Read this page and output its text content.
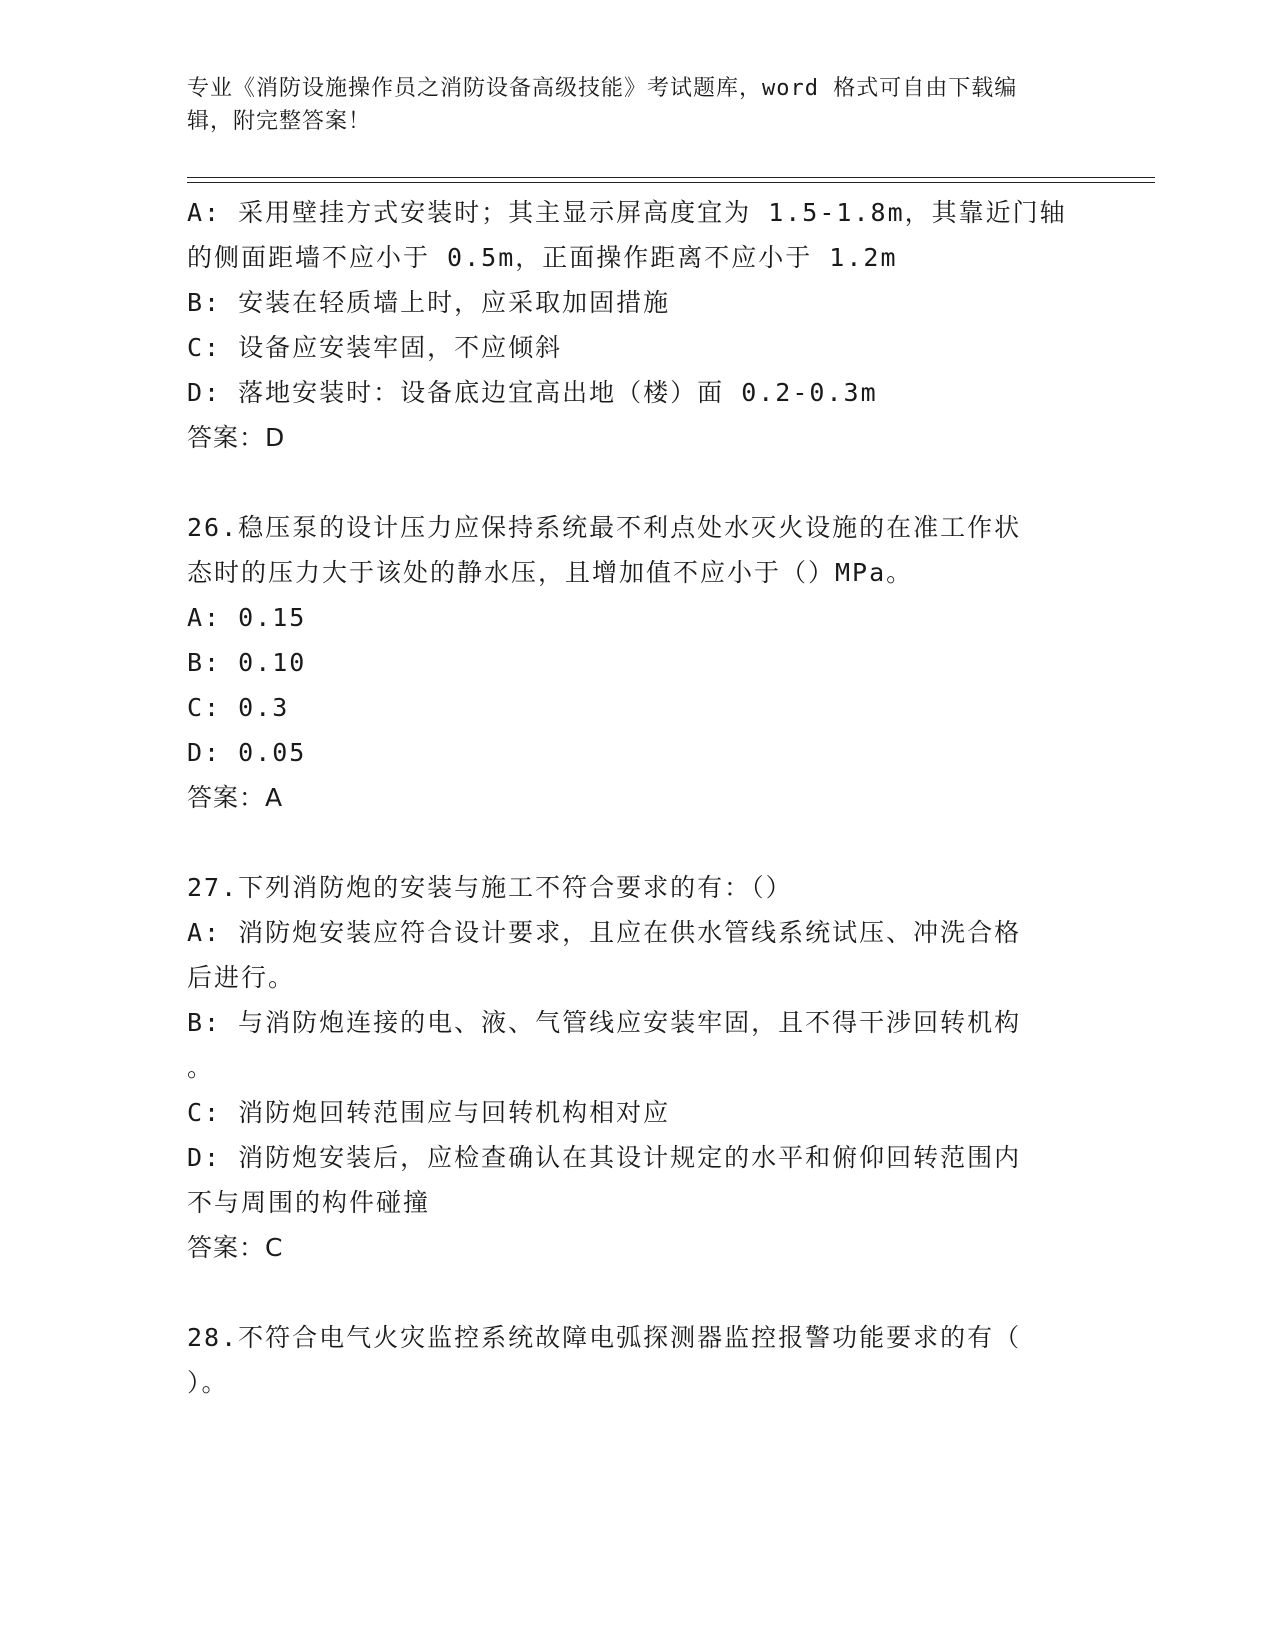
专业《消防设施操作员之消防设备高级技能》考试题库，word 格式可自由下载编
辑，附完整答案！
A: 采用壁挂方式安装时；其主显示屏高度宜为 1.5-1.8m，其靠近门轴
的侧面距墙不应小于 0.5m，正面操作距离不应小于 1.2m
B: 安装在轻质墙上时，应采取加固措施
C: 设备应安装牢固，不应倾斜
D: 落地安装时：设备底边宜高出地（楼）面 0.2-0.3m
答案：D
26.稳压泵的设计压力应保持系统最不利点处水灭火设施的在准工作状
态时的压力大于该处的静水压，且增加值不应小于（）MPa。
A: 0.15
B: 0.10
C: 0.3
D: 0.05
答案：A
27.下列消防炮的安装与施工不符合要求的有：（）
A: 消防炮安装应符合设计要求，且应在供水管线系统试压、冲洗合格
后进行。
B: 与消防炮连接的电、液、气管线应安装牢固，且不得干涉回转机构
。
C: 消防炮回转范围应与回转机构相对应
D: 消防炮安装后，应检查确认在其设计规定的水平和俯仰回转范围内
不与周围的构件碰撞
答案：C
28.不符合电气火灾监控系统故障电弧探测器监控报警功能要求的有（
）。
